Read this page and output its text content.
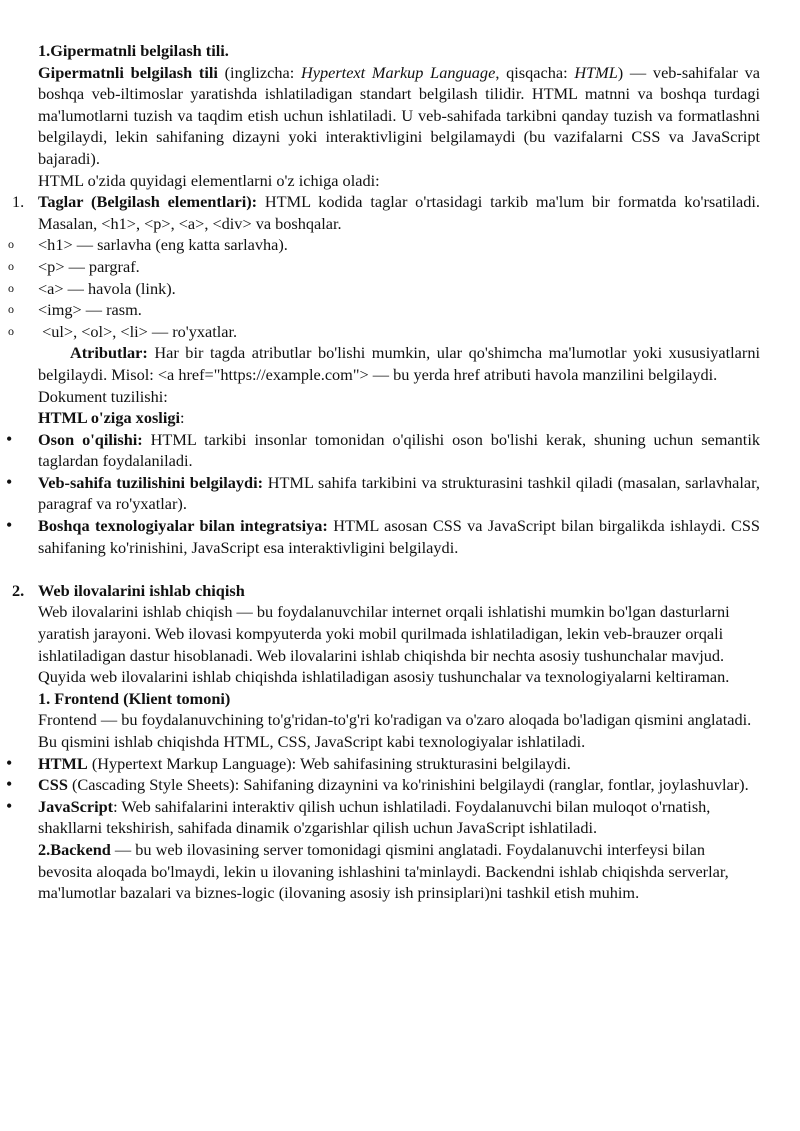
1.Gipermatnli belgilash tili.

Gipermatnli belgilash tili (inglizcha: Hypertext Markup Language, qisqacha: HTML) — veb-sahifalar va boshqa veb-iltimoslar yaratishda ishlatiladigan standart belgilash tilidir. HTML matnni va boshqa turdagi ma'lumotlarni tuzish va taqdim etish uchun ishlatiladi. U veb-sahifada tarkibni qanday tuzish va formatlashni belgilaydi, lekin sahifaning dizayni yoki interaktivligini belgilamaydi (bu vazifalarni CSS va JavaScript bajaradi).

HTML o'zida quyidagi elementlarni o'z ichiga oladi:

1. Taglar (Belgilash elementlari): HTML kodida taglar o'rtasidagi tarkib ma'lum bir formatda ko'rsatiladi. Masalan, <h1>, <p>, <a>, <div> va boshqalar.
o	<h1> — sarlavha (eng katta sarlavha).
o	<p> — pargraf.
o	<a> — havola (link).
o	<img> — rasm.
o	<ul>, <ol>, <li> — ro'yxatlar.

Atributlar: Har bir tagda atributlar bo'lishi mumkin, ular qo'shimcha ma'lumotlar yoki xususiyatlarni belgilaydi. Misol: <a href="https://example.com"> — bu yerda href atributi havola manzilini belgilaydi.

Dokument tuzilishi:

HTML o'ziga xosligi:

•	Oson o'qilishi: HTML tarkibi insonlar tomonidan o'qilishi oson bo'lishi kerak, shuning uchun semantik taglardan foydalaniladi.
•	Veb-sahifa tuzilishini belgilaydi: HTML sahifa tarkibini va strukturasini tashkil qiladi (masalan, sarlavhalar, paragraf va ro'yxatlar).
•	Boshqa texnologiyalar bilan integratsiya: HTML asosan CSS va JavaScript bilan birgalikda ishlaydi. CSS sahifaning ko'rinishini, JavaScript esa interaktivligini belgilaydi.
2. Web ilovalarini ishlab chiqish

Web ilovalarini ishlab chiqish — bu foydalanuvchilar internet orqali ishlatishi mumkin bo'lgan dasturlarni yaratish jarayoni. Web ilovasi kompyuterda yoki mobil qurilmada ishlatiladigan, lekin veb-brauzer orqali ishlatiladigan dastur hisoblanadi. Web ilovalarini ishlab chiqishda bir nechta asosiy tushunchalar mavjud. Quyida web ilovalarini ishlab chiqishda ishlatiladigan asosiy tushunchalar va texnologiyalarni keltiraman.

1. Frontend (Klient tomoni)

Frontend — bu foydalanuvchining to'g'ridan-to'g'ri ko'radigan va o'zaro aloqada bo'ladigan qismini anglatadi. Bu qismini ishlab chiqishda HTML, CSS, JavaScript kabi texnologiyalar ishlatiladi.

•	HTML (Hypertext Markup Language): Web sahifasining strukturasini belgilaydi.
•	CSS (Cascading Style Sheets): Sahifaning dizaynini va ko'rinishini belgilaydi (ranglar, fontlar, joylashuvlar).
•	JavaScript: Web sahifalarini interaktiv qilish uchun ishlatiladi. Foydalanuvchi bilan muloqot o'rnatish, shakllarni tekshirish, sahifada dinamik o'zgarishlar qilish uchun JavaScript ishlatiladi.

2.Backend — bu web ilovasining server tomonidagi qismini anglatadi. Foydalanuvchi interfeysi bilan bevosita aloqada bo'lmaydi, lekin u ilovaning ishlashini ta'minlaydi. Backendni ishlab chiqishda serverlar, ma'lumotlar bazalari va biznes-logic (ilovaning asosiy ish prinsiplari)ni tashkil etish muhim.
